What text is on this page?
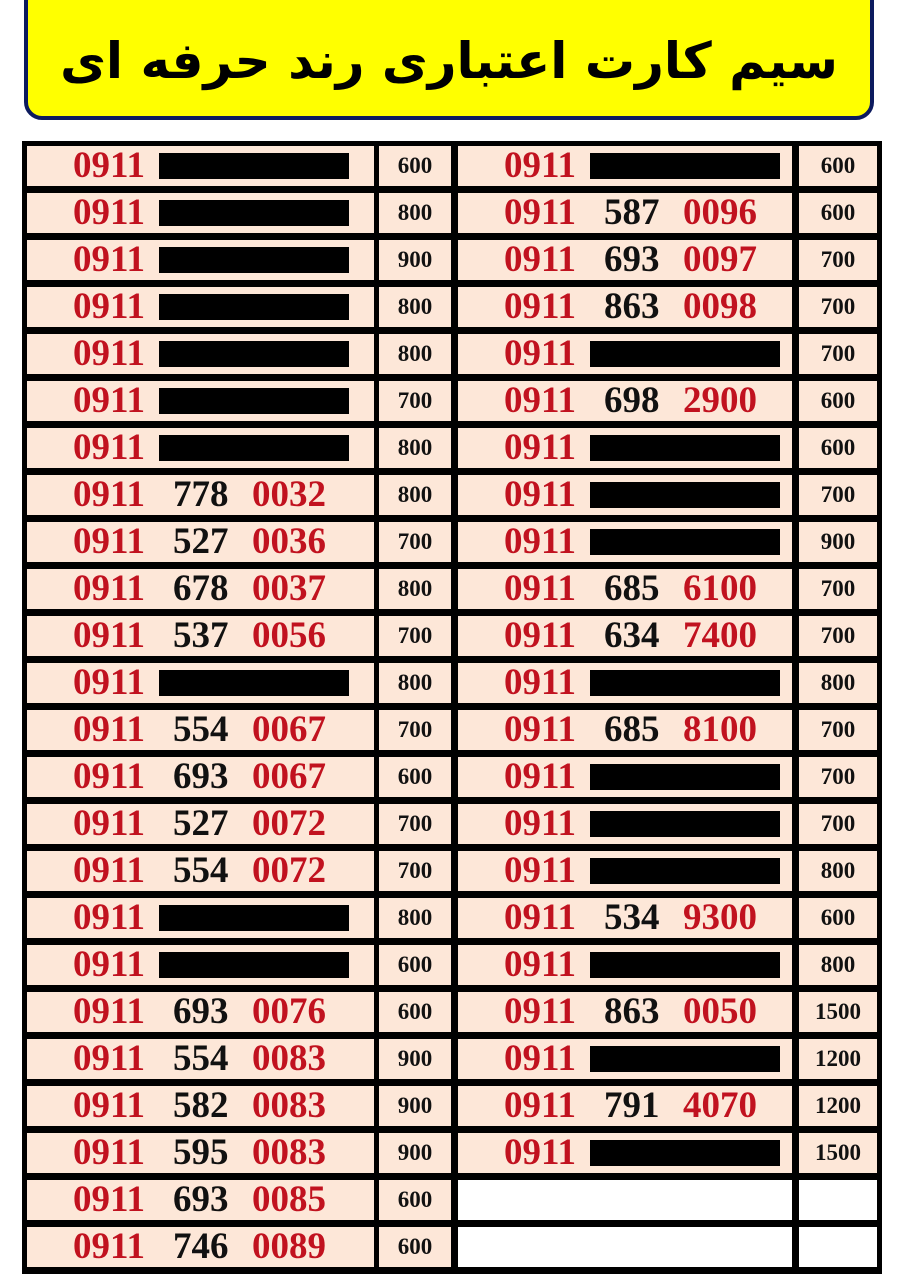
سیم کارت اعتباری رند حرفه ای
0911	600
0911	800
0911	900
0911	800
0911	800
0911	700
0911	800
0911 778 0032	800
0911 527 0036	700
0911 678 0037	800
0911 537 0056	700
0911	800
0911 554 0067	700
0911 693 0067	600
0911 527 0072	700
0911 554 0072	700
0911	800
0911	600
0911 693 0076	600
0911 554 0083	900
0911 582 0083	900
0911 595 0083	900
0911 693 0085	600
0911 746 0089	600
0911	600
0911 587 0096	600
0911 693 0097	700
0911 863 0098	700
0911	700
0911 698 2900	600
0911	600
0911	700
0911	900
0911 685 6100	700
0911 634 7400	700
0911	800
0911 685 8100	700
0911	700
0911	700
0911	800
0911 534 9300	600
0911	800
0911 863 0050	1500
0911	1200
0911 791 4070	1200
0911	1500
